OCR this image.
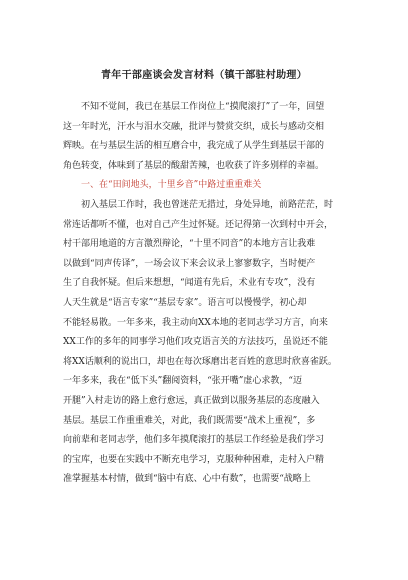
青年干部座谈会发言材料（镇干部驻村助理）

不知不觉间，我已在基层工作岗位上“摸爬滚打”了一年，回望
这一年时光，汗水与泪水交融，批评与赞赏交织，成长与感动交相
辉映。在与基层生活的相互磨合中，我完成了从学生到基层干部的
角色转变，体味到了基层的酸甜苦辣，也收获了许多别样的幸福。

一、在“田间地头，十里乡音”中路过重重难关

初入基层工作时，我也曾迷茫无措过，身处异地，前路茫茫，时
常连话都听不懂，也对自己产生过怀疑。还记得第一次到村中开会，
村干部用地道的方言激烈辩论，“十里不同音”的本地方言让我难
以做到“同声传译”，一场会议下来会议录上寥寥数字，当时便产
生了自我怀疑。但后来想想，“闻道有先后，术业有专攻”，没有
人天生就是“语言专家”“基层专家”。语言可以慢慢学，初心却
不能轻易散。一年多来，我主动向XX本地的老同志学习方言，向来
XX工作的多年的同事学习他们攻克语言关的方法技巧，虽说还不能
将XX话顺利的说出口，却也在每次琢磨出老百姓的意思时欣喜雀跃。
一年多来，我在“低下头”翻阅资料，“张开嘴”虚心求教，“迈
开腿”入村走访的路上愈行愈远，真正做到以服务基层的态度融入
基层。基层工作重重难关，对此，我们既需要“战术上重视”，多
向前辈和老同志学，他们多年摸爬滚打的基层工作经验是我们学习
的宝库，也要在实践中不断充电学习，克服种种困难，走村入户精
准掌握基本村情，做到“脑中有底、心中有数”，也需要“战略上
